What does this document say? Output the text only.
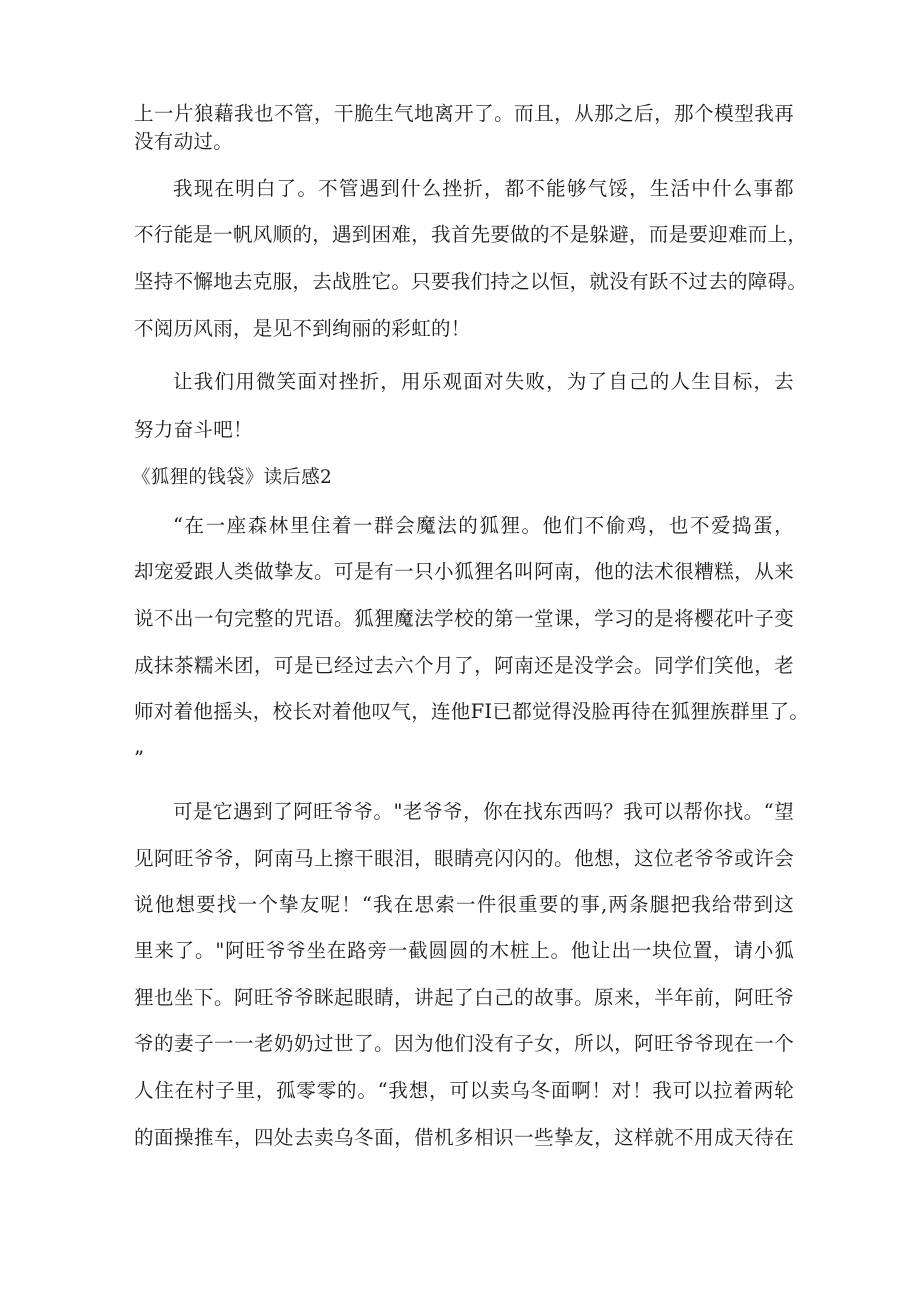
上一片狼藉我也不管，干脆生气地离开了。而且，从那之后，那个模型我再
没有动过。
我现在明白了。不管遇到什么挫折，都不能够气馁，生活中什么事都
不行能是一帆风顺的，遇到困难，我首先要做的不是躲避，而是要迎难而上，
坚持不懈地去克服，去战胜它。只要我们持之以恒，就没有跃不过去的障碍。
不阅历风雨，是见不到绚丽的彩虹的！
让我们用微笑面对挫折，用乐观面对失败，为了自己的人生目标，去
努力奋斗吧！
《狐狸的钱袋》读后感2
“在一座森林里住着一群会魔法的狐狸。他们不偷鸡，也不爱捣蛋，
却宠爱跟人类做挚友。可是有一只小狐狸名叫阿南，他的法术很糟糕，从来
说不出一句完整的咒语。狐狸魔法学校的第一堂课，学习的是将樱花叶子变
成抹茶糯米团，可是已经过去六个月了，阿南还是没学会。同学们笑他，老
师对着他摇头，校长对着他叹气，连他FI已都觉得没脸再待在狐狸族群里了。
”
可是它遇到了阿旺爷爷。"老爷爷，你在找东西吗？我可以帮你找。“望
见阿旺爷爷，阿南马上擦干眼泪，眼睛亮闪闪的。他想，这位老爷爷或许会
说他想要找一个挚友呢！“我在思索一件很重要的事,两条腿把我给带到这
里来了。"阿旺爷爷坐在路旁一截圆圆的木桩上。他让出一块位置，请小狐
狸也坐下。阿旺爷爷眯起眼睛，讲起了白己的故事。原来，半年前，阿旺爷
爷的妻子一一老奶奶过世了。因为他们没有子女，所以，阿旺爷爷现在一个
人住在村子里，孤零零的。“我想，可以卖乌冬面啊！对！我可以拉着两轮
的面操推车，四处去卖乌冬面，借机多相识一些挚友，这样就不用成天待在
